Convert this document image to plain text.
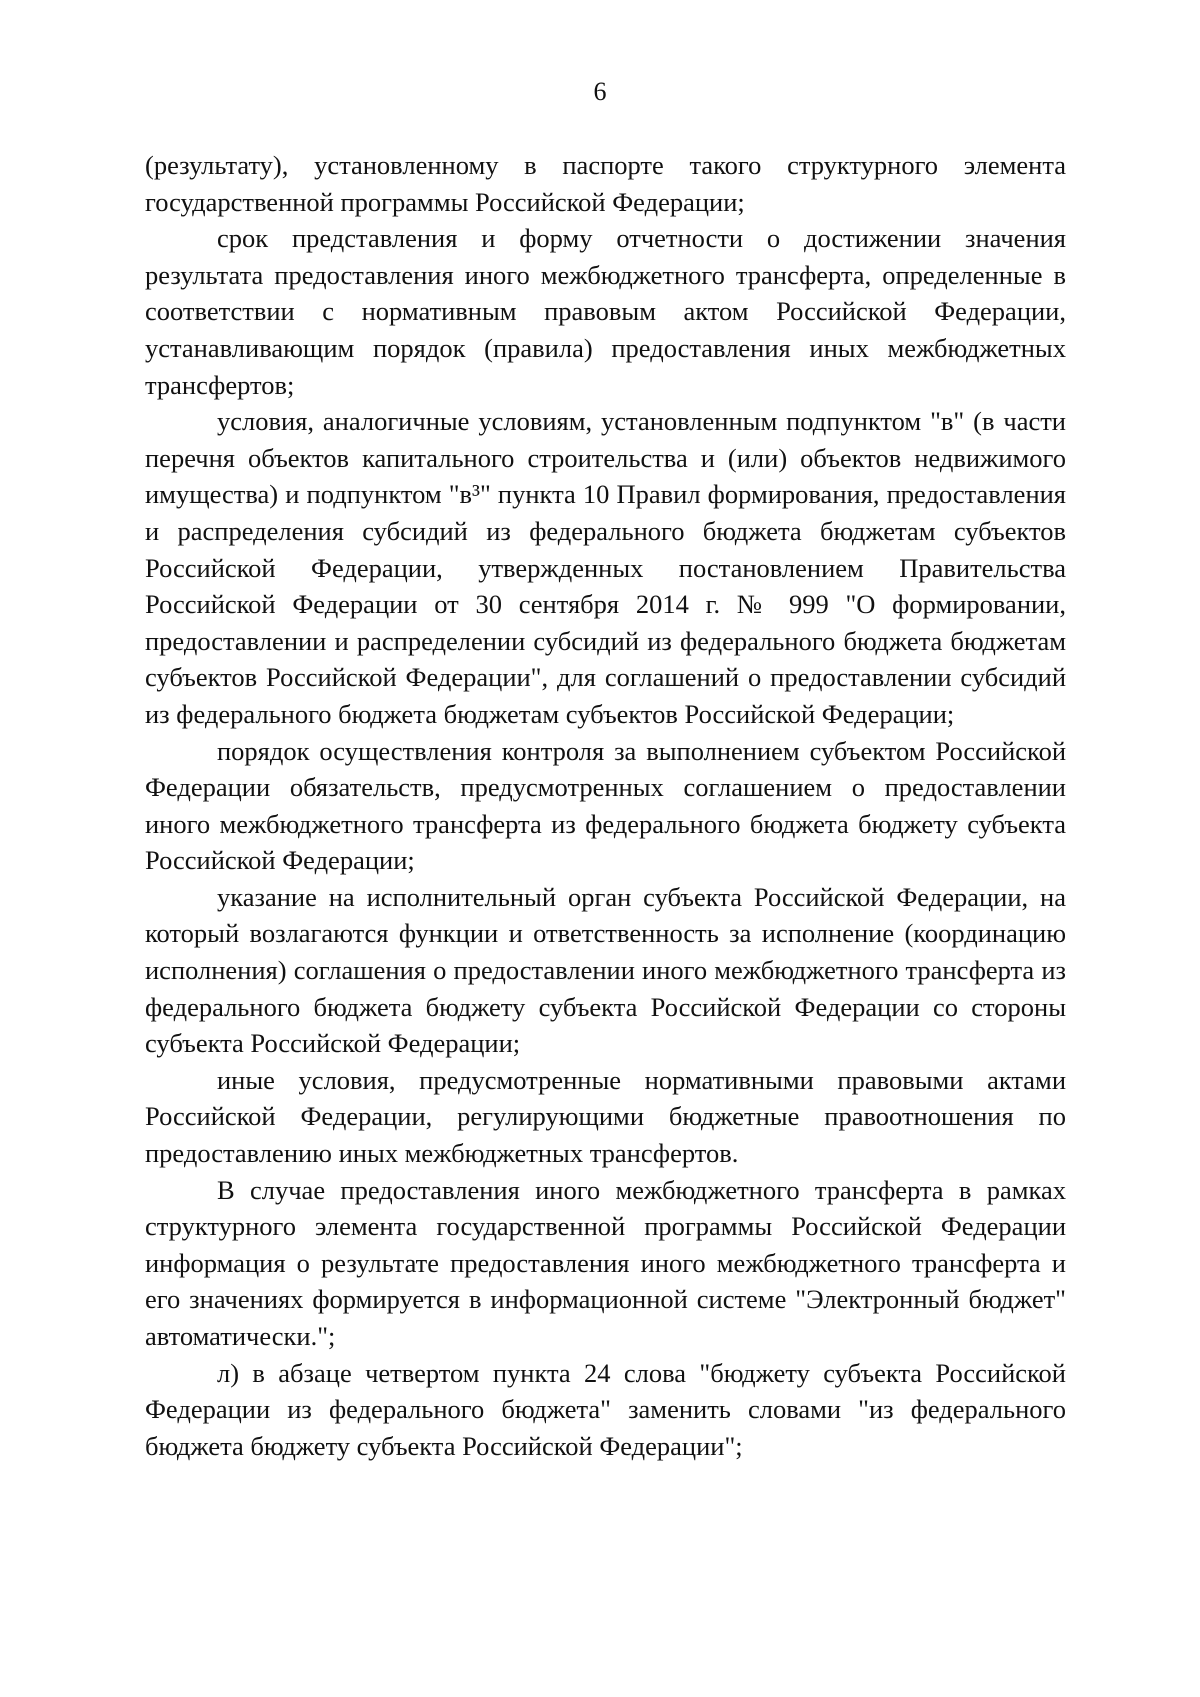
6

(результату), установленному в паспорте такого структурного элемента государственной программы Российской Федерации;

срок представления и форму отчетности о достижении значения результата предоставления иного межбюджетного трансферта, определенные в соответствии с нормативным правовым актом Российской Федерации, устанавливающим порядок (правила) предоставления иных межбюджетных трансфертов;

условия, аналогичные условиям, установленным подпунктом "в" (в части перечня объектов капитального строительства и (или) объектов недвижимого имущества) и подпунктом "в³" пункта 10 Правил формирования, предоставления и распределения субсидий из федерального бюджета бюджетам субъектов Российской Федерации, утвержденных постановлением Правительства Российской Федерации от 30 сентября 2014 г. № 999 "О формировании, предоставлении и распределении субсидий из федерального бюджета бюджетам субъектов Российской Федерации", для соглашений о предоставлении субсидий из федерального бюджета бюджетам субъектов Российской Федерации;

порядок осуществления контроля за выполнением субъектом Российской Федерации обязательств, предусмотренных соглашением о предоставлении иного межбюджетного трансферта из федерального бюджета бюджету субъекта Российской Федерации;

указание на исполнительный орган субъекта Российской Федерации, на который возлагаются функции и ответственность за исполнение (координацию исполнения) соглашения о предоставлении иного межбюджетного трансферта из федерального бюджета бюджету субъекта Российской Федерации со стороны субъекта Российской Федерации;

иные условия, предусмотренные нормативными правовыми актами Российской Федерации, регулирующими бюджетные правоотношения по предоставлению иных межбюджетных трансфертов.

В случае предоставления иного межбюджетного трансферта в рамках структурного элемента государственной программы Российской Федерации информация о результате предоставления иного межбюджетного трансферта и его значениях формируется в информационной системе "Электронный бюджет" автоматически.";

л) в абзаце четвертом пункта 24 слова "бюджету субъекта Российской Федерации из федерального бюджета" заменить словами "из федерального бюджета бюджету субъекта Российской Федерации";
